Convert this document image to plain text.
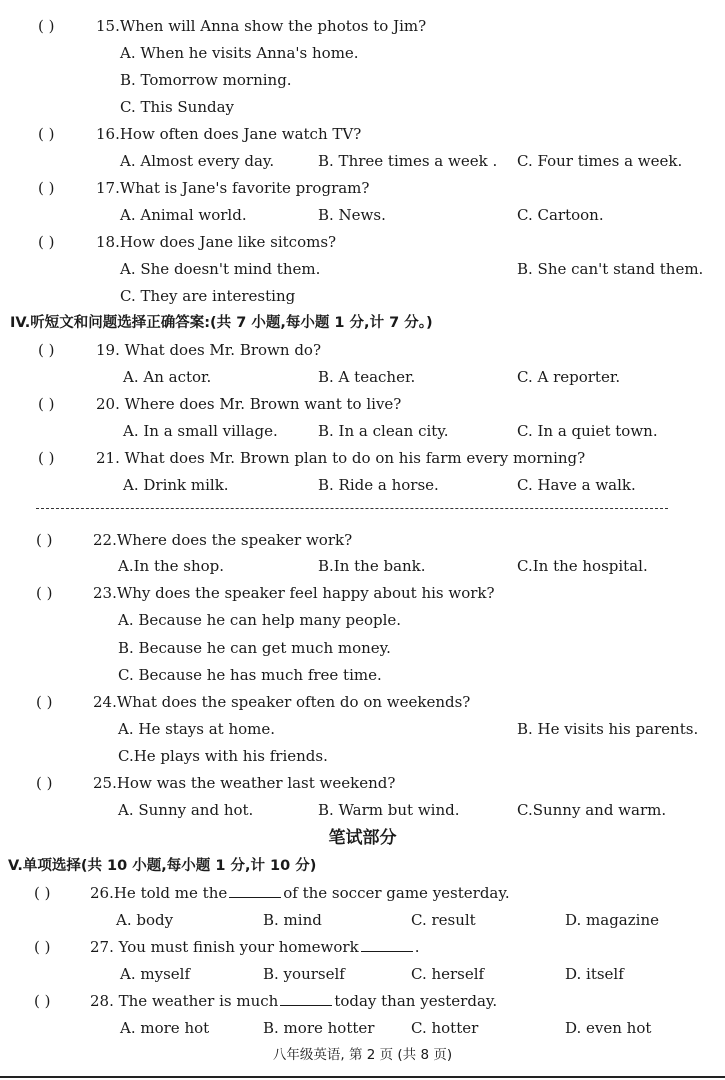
( )	15.When will Anna show the photos to Jim?
A. When he visits Anna's home.
B. Tomorrow morning.
C. This Sunday
( )	16.How often does Jane watch TV?
A. Almost every day.	B. Three times a week . C. Four times a week.
( )	17.What is Jane's favorite program?
A. Animal world.	B. News.	C. Cartoon.
( )	18.How does Jane like sitcoms?
A. She doesn't mind them.	B. She can't stand them.
C. They are interesting
IV.听短文和问题选择正确答案:(共 7 小题,每小题 1 分,计 7 分。)
( )	19. What does Mr. Brown do?
A. An actor.	B. A teacher.	C. A reporter.
( )	20. Where does Mr. Brown want to live?
A. In a small village.	B. In a clean city.	C. In a quiet town.
( )	21. What does Mr. Brown plan to do on his farm every morning?
A. Drink milk.	B. Ride a horse.	C. Have a walk.
( )	22.Where does the speaker work?
A.In the shop.	B.In the bank.	C.In the hospital.
( )	23.Why does the speaker feel happy about his work?
A. Because he can help many people.
B. Because he can get much money.
C. Because he has much free time.
( )	24.What does the speaker often do on weekends?
A. He stays at home.	B. He visits his parents.
C.He plays with his friends.
( )	25.How was the weather last weekend?
A. Sunny and hot.	B. Warm but wind.	C.Sunny and warm.
笔试部分
V.单项选择(共 10 小题,每小题 1 分,计 10 分)
( )	26.He told me the	of the soccer game yesterday.
A. body	B. mind	C. result	D. magazine
( )	27. You must finish your homework	.
A. myself	B. yourself	C. herself	D. itself
( )	28. The weather is much	today than yesterday.
A. more hot	B. more hotter C. hotter	D. even hot
八年级英语, 第 2 页 (共 8 页)
